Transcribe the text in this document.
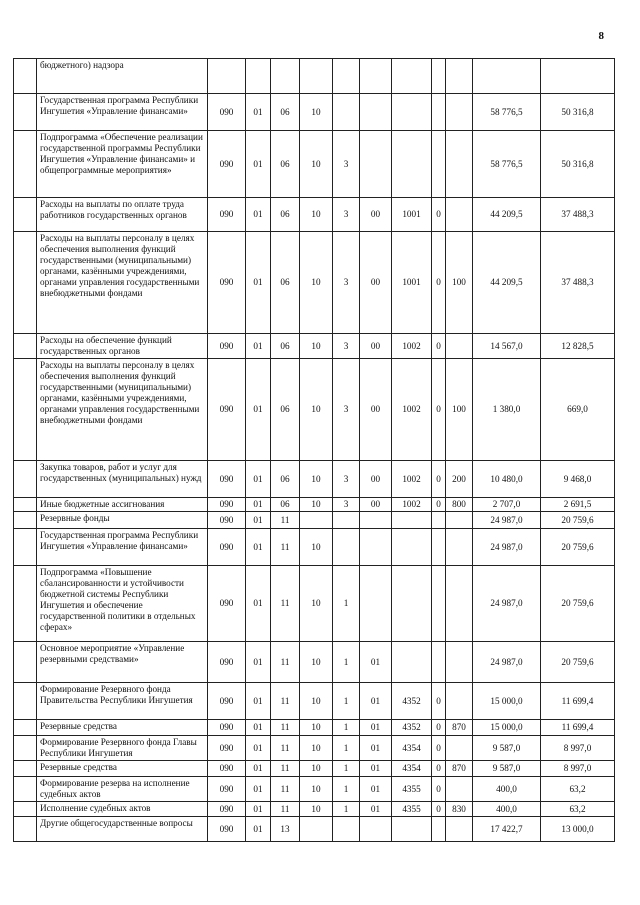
8
	бюджетного) надзора											
	Государственная программа Республики Ингушетия «Управление финансами»	090	01	06	10						58 776,5	50 316,8
	Подпрограмма «Обеспечение реализации государственной программы Республики Ингушетия «Управление финансами» и общепрограммные мероприятия»	090	01	06	10	3					58 776,5	50 316,8
	Расходы на выплаты по оплате труда работников государственных органов	090	01	06	10	3	00	1001	0		44 209,5	37 488,3
	Расходы на выплаты персоналу в целях обеспечения выполнения функций государственными (муниципальными) органами, казёнными учреждениями, органами управления государственными внебюджетными фондами	090	01	06	10	3	00	1001	0	100	44 209,5	37 488,3
	Расходы на обеспечение функций государственных органов	090	01	06	10	3	00	1002	0		14 567,0	12 828,5
	Расходы на выплаты персоналу в целях обеспечения выполнения функций государственными (муниципальными) органами, казёнными учреждениями, органами управления государственными внебюджетными фондами	090	01	06	10	3	00	1002	0	100	1 380,0	669,0
	Закупка товаров, работ и услуг для государственных (муниципальных) нужд	090	01	06	10	3	00	1002	0	200	10 480,0	9 468,0
	Иные бюджетные ассигнования	090	01	06	10	3	00	1002	0	800	2 707,0	2 691,5
	Резервные фонды	090	01	11							24 987,0	20 759,6
	Государственная программа Республики Ингушетия «Управление финансами»	090	01	11	10						24 987,0	20 759,6
	Подпрограмма «Повышение сбалансированности и устойчивости бюджетной системы Республики Ингушетия и обеспечение государственной политики в отдельных сферах»	090	01	11	10	1					24 987,0	20 759,6
	Основное мероприятие «Управление резервными средствами»	090	01	11	10	1	01				24 987,0	20 759,6
	Формирование Резервного фонда Правительства Республики Ингушетия	090	01	11	10	1	01	4352	0		15 000,0	11 699,4
	Резервные средства	090	01	11	10	1	01	4352	0	870	15 000,0	11 699,4
	Формирование Резервного фонда Главы Республики Ингушетия	090	01	11	10	1	01	4354	0		9 587,0	8 997,0
	Резервные средства	090	01	11	10	1	01	4354	0	870	9 587,0	8 997,0
	Формирование резерва на исполнение судебных актов	090	01	11	10	1	01	4355	0		400,0	63,2
	Исполнение судебных актов	090	01	11	10	1	01	4355	0	830	400,0	63,2
	Другие общегосударственные вопросы	090	01	13							17 422,7	13 000,0
